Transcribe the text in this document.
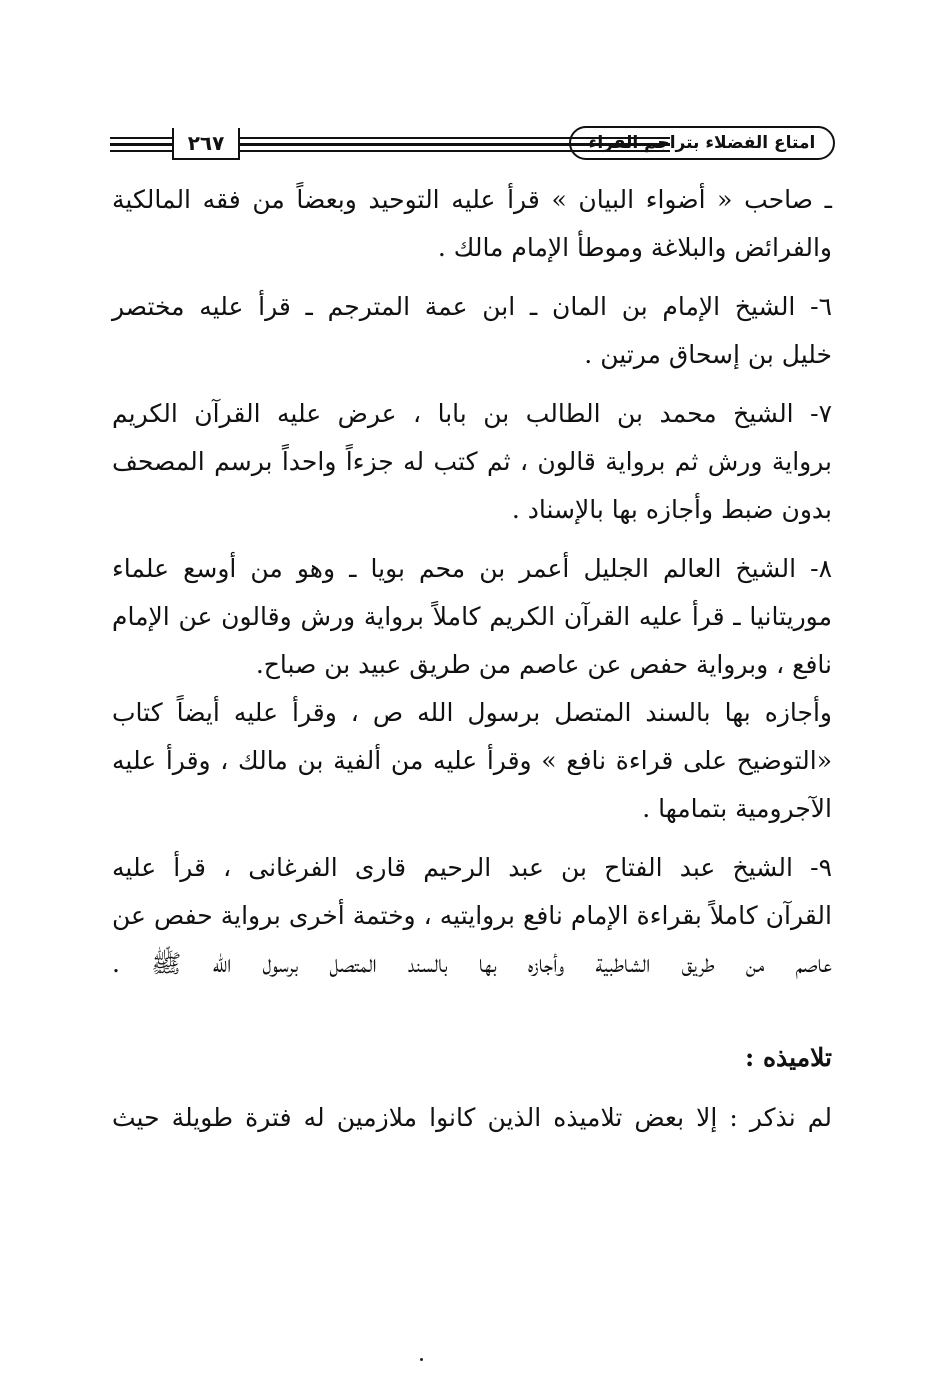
٢٦٧	امتاع الفضلاء بتراجم القراء
ـ صاحب « أضواء البيان » قرأ عليه التوحيد وبعضاً من فقه المالكية
والفرائض والبلاغة وموطأ الإمام مالك .
٦- الشيخ الإمام بن المان ـ ابن عمة المترجم ـ قرأ عليه مختصر
خليل بن إسحاق مرتين .
٧- الشيخ محمد بن الطالب بن بابا ، عرض عليه القرآن الكريم
برواية ورش ثم برواية قالون ، ثم كتب له جزءاً واحداً برسم المصحف
بدون ضبط وأجازه بها بالإسناد .
٨- الشيخ العالم الجليل أعمر بن محم بويا ـ وهو من أوسع علماء
موريتانيا ـ قرأ عليه القرآن الكريم كاملاً برواية ورش وقالون عن الإمام
نافع ، وبرواية حفص عن عاصم من طريق عبيد بن صباح.
وأجازه بها بالسند المتصل برسول الله ص ، وقرأ عليه أيضاً كتاب
«التوضيح على قراءة نافع » وقرأ عليه من ألفية بن مالك ، وقرأ عليه
الآجرومية بتمامها .
٩- الشيخ عبد الفتاح بن عبد الرحيم قارى الفرغانى ، قرأ عليه
القرآن كاملاً بقراءة الإمام نافع بروايتيه ، وختمة أخرى برواية حفص عن
عاصم من طريق الشاطبية وأجازه بها بالسند المتصل برسول الله ﷺ .
تلاميذه :
لم نذكر : إلا بعض تلاميذه الذين كانوا ملازمين له فترة طويلة حيث
